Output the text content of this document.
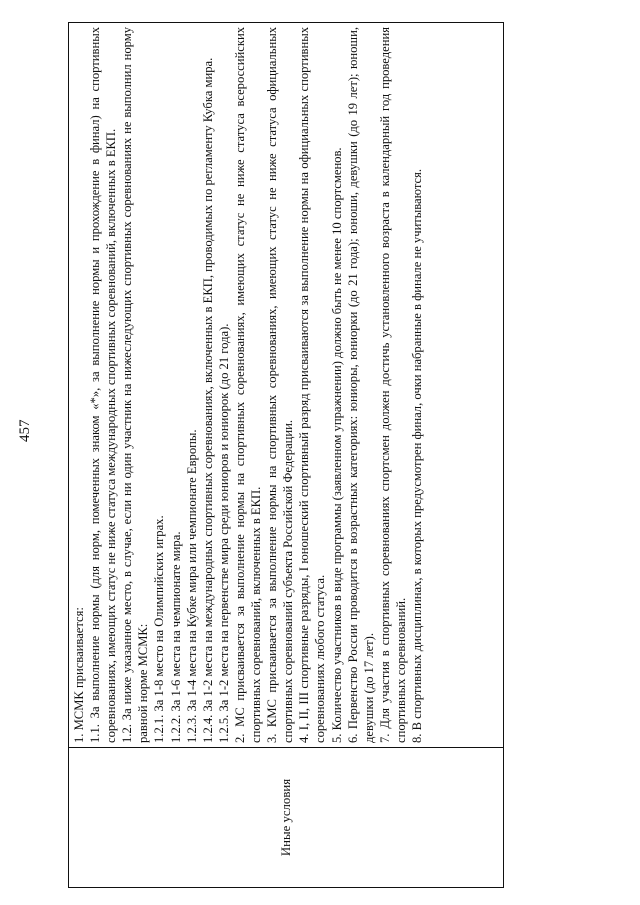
457
Иные условия	

1. МСМК присваивается: 1.1. За выполнение нормы (для норм, помеченных знаком «*», за выполнение нормы и прохождение в финал) на спортивных соревнованиях, имеющих статус не ниже статуса международных спортивных соревнований, включенных в ЕКП. 1.2. За ниже указанное место, в случае, если ни один участник на нижеследующих спортивных соревнованиях не выполнил норму равной норме МСМК: 1.2.1. За 1-8 место на Олимпийских играх. 1.2.2. За 1-6 места на чемпионате мира. 1.2.3. За 1-4 места на Кубке мира или чемпионате Европы. 1.2.4. За 1-2 места на международных спортивных соревнованиях, включенных в ЕКП, проводимых по регламенту Кубка мира. 1.2.5. За 1-2 места на первенстве мира среди юниоров и юниорок (до 21 года). 2. МС присваивается за выполнение нормы на спортивных соревнованиях, имеющих статус не ниже статуса всероссийских спортивных соревнований, включенных в ЕКП. 3. КМС присваивается за выполнение нормы на спортивных соревнованиях, имеющих статус не ниже статуса официальных спортивных соревнований субъекта Российской Федерации. 4. I, II, III спортивные разряды, I юношеский спортивный разряд присваиваются за выполнение нормы на официальных спортивных соревнованиях любого статуса. 5. Количество участников в виде программы (заявленном упражнении) должно быть не менее 10 спортсменов. 6. Первенство России проводится в возрастных категориях: юниоры, юниорки (до 21 года); юноши, девушки (до 19 лет); юноши, девушки (до 17 лет). 7. Для участия в спортивных соревнованиях спортсмен должен достичь установленного возраста в календарный год проведения спортивных соревнований. 8. В спортивных дисциплинах, в которых предусмотрен финал, очки набранные в финале не учитываются.
